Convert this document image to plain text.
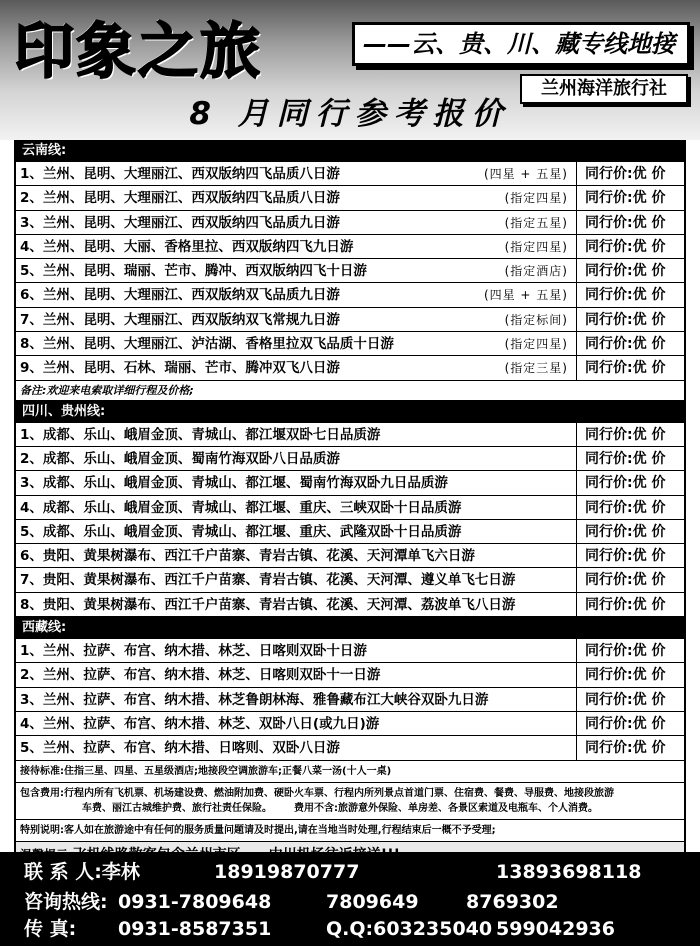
印象之旅	——云、贵、川、藏专线地接
兰州海洋旅行社
8 月同行参考报价
云南线:
1、兰州、昆明、大理丽江、西双版纳四飞品质八日游	(四星 + 五星)	同行价:优 价
2、兰州、昆明、大理丽江、西双版纳四飞品质八日游	(指定四星)	同行价:优 价
3、兰州、昆明、大理丽江、西双版纳四飞品质九日游	(指定五星)	同行价:优 价
4、兰州、昆明、大丽、香格里拉、西双版纳四飞九日游	(指定四星)	同行价:优 价
5、兰州、昆明、瑞丽、芒市、腾冲、西双版纳四飞十日游	(指定酒店)	同行价:优 价
6、兰州、昆明、大理丽江、西双版纳双飞品质九日游	(四星 + 五星)	同行价:优 价
7、兰州、昆明、大理丽江、西双版纳双飞常规九日游	(指定标间)	同行价:优 价
8、兰州、昆明、大理丽江、泸沽湖、香格里拉双飞品质十日游	(指定四星)	同行价:优 价
9、兰州、昆明、石林、瑞丽、芒市、腾冲双飞八日游	(指定三星)	同行价:优 价
备注:欢迎来电索取详细行程及价格;
四川、贵州线:
1、成都、乐山、峨眉金顶、青城山、都江堰双卧七日品质游	同行价:优 价
2、成都、乐山、峨眉金顶、蜀南竹海双卧八日品质游	同行价:优 价
3、成都、乐山、峨眉金顶、青城山、都江堰、蜀南竹海双卧九日品质游	同行价:优 价
4、成都、乐山、峨眉金顶、青城山、都江堰、重庆、三峡双卧十日品质游	同行价:优 价
5、成都、乐山、峨眉金顶、青城山、都江堰、重庆、武隆双卧十日品质游	同行价:优 价
6、贵阳、黄果树瀑布、西江千户苗寨、青岩古镇、花溪、天河潭单飞六日游	同行价:优 价
7、贵阳、黄果树瀑布、西江千户苗寨、青岩古镇、花溪、天河潭、遵义单飞七日游	同行价:优 价
8、贵阳、黄果树瀑布、西江千户苗寨、青岩古镇、花溪、天河潭、荔波单飞八日游	同行价:优 价
西藏线:
1、兰州、拉萨、布宫、纳木措、林芝、日喀则双卧十日游	同行价:优 价
2、兰州、拉萨、布宫、纳木措、林芝、日喀则双卧十一日游	同行价:优 价
3、兰州、拉萨、布宫、纳木措、林芝鲁朗林海、雅鲁藏布江大峡谷双卧九日游	同行价:优 价
4、兰州、拉萨、布宫、纳木措、林芝、双卧八日(或九日)游	同行价:优 价
5、兰州、拉萨、布宫、纳木措、日喀则、双卧八日游	同行价:优 价
接待标准:住指三星、四星、五星级酒店;地接段空调旅游车;正餐八菜一汤(十人一桌)
包含费用:行程内所有飞机票、机场建设费、燃油附加费、硬卧火车票、行程内所列景点首道门票、住宿费、餐费、导服费、地接段旅游车费、丽江古城维护费、旅行社责任保险。 费用不含:旅游意外保险、单房差、各景区索道及电瓶车、个人消费。
特别说明:客人如在旅游途中有任何的服务质量问题请及时提出,请在当地当时处理,行程结束后一概不予受理;
联 系 人:李林	18919870777	13893698118
咨询热线: 0931-7809648	7809649 8769302
传 真: 0931-8587351	Q.Q:603235040 599042936
